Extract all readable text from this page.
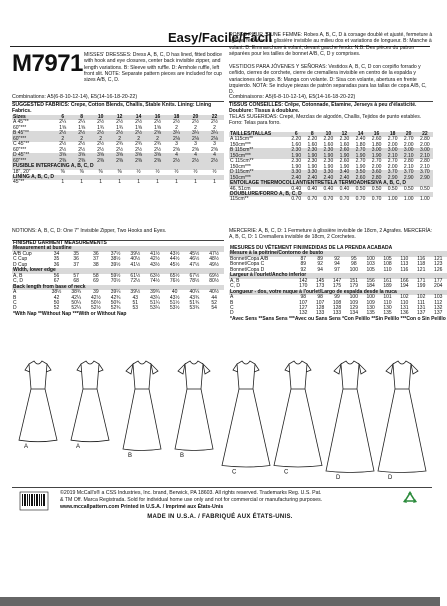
Easy/Facile/Fácil
M7971 MISSES' DRESSES: Dress A, B, C, D has lined, fitted bodice with hook and eye closures, center back invisible zipper, and length variations. B: Sleeve with ruffle. D: Armhole ruffle, left front slit. NOTE: Separate pattern pieces are included for cup sizes A/B, C, D.
Combinations: A5(6-8-10-12-14), E5(14-16-18-20-22)
SUGGESTED FABRICS: Crepe, Cotton Blends, Challis, Stable Knits. Lining: Lining Fabrics.
Sizes	6	8	10	12	14	16	18	20	22
A 45"**	2¼	2¼	2½	2½	2½	2½	2½	2½	2½
60"***	1⅝	1⅝	1¾	1¾	1⅝	1⅝	2	2	2
B 45"**	2½	2½	2½	2½	2½	2⅝	3¼	3¼	3¼
60"***	2	2	2	2	2	2	2⅛	2⅛	2⅛
C 45"**	2½	2½	2½	2¾	2¾	2¾	3	3	3
60"***	2½	2½	2½	2½	2½	2½	2⅝	2⅝	2⅝
D 45"**	3⅝	3⅝	3⅝	3⅝	3⅝	3⅝	4	4	4
60"***	2⅜	2⅜	2⅜	2⅜	2⅜	2⅜	2½	2½	2½
FUSIBLE INTERFACING A, B, C, D									
18", 20"	⅜	⅜	⅜	⅜	½	½	½	½	½
LINING A, B, C, D									
45"**	1	1	1	1	1	1	1	1	1
ROBES POUR JEUNE FEMME: Robes A, B, C, D à corsage doublé et ajusté, fermeture à agrafe, fermeture à glissière invisible au milieu dos et variations de longueur. B: Manche à volant. D: Emmanchure à volant, devant gauche fendu. N.B. Des pièces du patron séparées pour les tailles de bonnet A/B, C, D y comprises.
VESTIDOS PARA JÓVENES Y SEÑORAS: Vestidos A, B, C, D con corpiño forrado y ceñido, cierres de corchete, cierre de cremallera invisible en centro de la espalda y variaciones de largo. B: Manga con volante. D: Sisa con volante, abertura en frente izquierdo. NOTA: Se incluye piezas de patrón separadas para las tallas de copa A/B, C, D.
Combinaisons: A5(6-8-10-12-14), E5(14-16-18-20-22)
TISSUS CONSEILLÉS: Crêpe, Cotonnade, Étamine, Jerseys à peu d'élasticité. Doublure: Tissus à doublure.
TELAS SUGERIDAS: Crepé, Mezclas de algodón, Challis, Tejidos de punto estables. Forro: Telas para forro.
TAILLES/TALLAS	6	8	10	12	14	16	18	20	22
A 115cm**	2.20	2.20	2.20	2.30	2.40	2.60	2.70	2.70	2.80
150cm***	1.60	1.60	1.60	1.60	1.80	1.80	2.00	2.00	2.00
B 115cm**	2.30	2.30	2.30	2.60	2.70	3.00	3.00	3.00	3.00
150cm***	1.90	1.90	1.90	1.90	1.90	1.90	2.10	2.10	2.10
C 115cm**	2.30	2.30	2.30	2.60	2.70	2.70	2.70	2.80	2.80
150cm***	1.90	1.90	1.90	1.90	1.90	2.00	2.00	2.10	2.10
D 115cm**	3.30	3.30	3.30	3.40	3.50	3.60	3.70	3.70	3.70
150cm***	2.40	2.40	2.40	2.40	2.60	2.80	2.90	2.90	2.90
ENTOILAGE THERMOCOLLANT/ENTRETELA TERMOADHESIVA A, B, C, D									
46, 51cm	0.40	0.40	0.40	0.40	0.50	0.50	0.50	0.50	0.50
DOUBLURE/FORRO A, B, C, D									
115cm**	0.70	0.70	0.70	0.70	0.70	0.70	1.00	1.00	1.00
NOTIONS: A, B, C, D: One 7" Invisible Zipper, Two Hooks and Eyes.
FINISHED GARMENT MEASUREMENTS									
Measurement at bustline									
A/B Cup	34	35	36	37½	39½	41½	43½	45½	47½
C Cup	35	36	37	38½	40½	42½	44½	46½	48½
D Cup	36	37	38	39½	41½	43½	45½	47½	49½
Width, lower edge									
A, B	56	57	58	59½	61½	63½	65½	67½	69½
C, D	67	68	69	70½	72½	74½	76½	78½	80½
Back length from base of neck									
A	38½	38¾	39	39¼	39½	39¾	40	40¼	40½
B	42	42¼	42½	42¾	43	43¼	43½	43¾	44
C	50	50¼	50½	50¾	51	51¼	51½	51¾	52
D	52	52¼	52½	52¾	53	53¼	53½	53¾	54
*With Nap **Without Nap ***With or Without Nap									
MERCERIE: A, B, C, D: 1 Fermeture à glissière invisible de 18cm, 2 Agrafes. MERCERÍA: A, B, C, D: 1 Cremallera invisible de 18cm, 2 Corchetes.
MESURES DU VÊTEMENT FINI/MEDIDAS DE LA PRENDA ACABADA									
Mesure à la poitrine/Contorno de busto									
Bonnet/Copa A/B	87	89	92	95	100	105	110	116	121
Bonnet/Copa C	89	92	94	98	103	108	113	118	123
Bonnet/Copa D	92	94	97	100	105	110	116	121	126
Largeur à l'ourlet/Ancho inferior									
A, B	142	145	147	151	156	161	166	171	177
C, D	170	173	175	179	184	189	194	199	204
Longueur - dos, votre nuque à l'ourlet/Largo de espalda desde la nuca									
A	98	98	99	100	100	101	102	102	103
B	107	107	108	109	109	110	110	111	112
C	127	128	128	129	130	130	131	131	132
D	132	133	133	134	135	135	136	137	137
*Avec Sens **Sans Sens ***Avec ou Sans Sens *Con Pelillo **Sin Pelillo ***Con o Sin Pelillo									
A	A
B	B
C	C
D	D
©2019 McCall's® a CSS Industries, Inc. brand, Berwick, PA 18603. All rights reserved. Trademarks Reg. U.S. Pat.
& TM Off. Marca Registrada. Sold for individual home use only and not for commercial or manufacturing purposes.
www.mccallpattern.com Printed in U.S.A. / Imprimé aux États-Unis
MADE IN U.S.A. / FABRIQUÉ AUX ÉTATS-UNIS.
